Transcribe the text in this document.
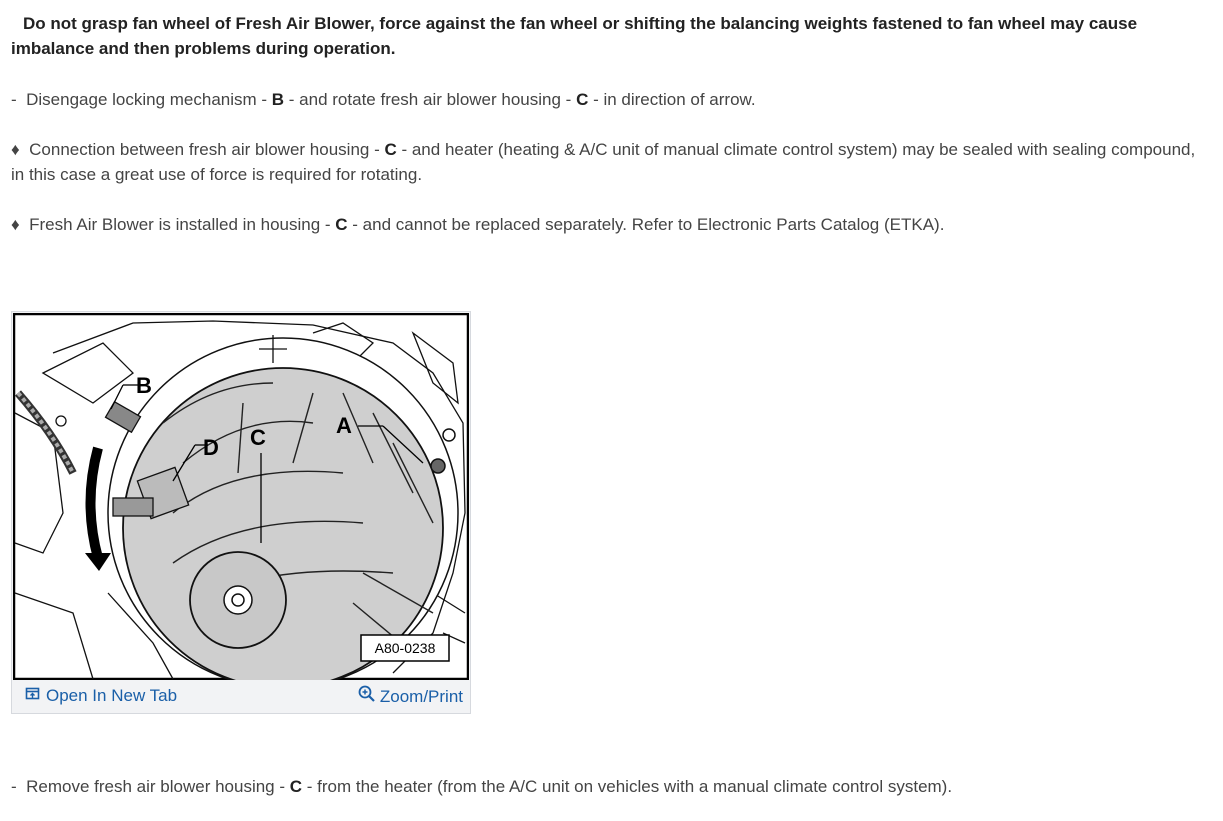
Do not grasp fan wheel of Fresh Air Blower, force against the fan wheel or shifting the balancing weights fastened to fan wheel may cause imbalance and then problems during operation.
- Disengage locking mechanism - B - and rotate fresh air blower housing - C - in direction of arrow.
♦ Connection between fresh air blower housing - C - and heater (heating & A/C unit of manual climate control system) may be sealed with sealing compound, in this case a great use of force is required for rotating.
♦ Fresh Air Blower is installed in housing - C - and cannot be replaced separately. Refer to Electronic Parts Catalog (ETKA).
B
D C	A
A80-0238
Open In New Tab	Zoom/Print
- Remove fresh air blower housing - C - from the heater (from the A/C unit on vehicles with a manual climate control system).
